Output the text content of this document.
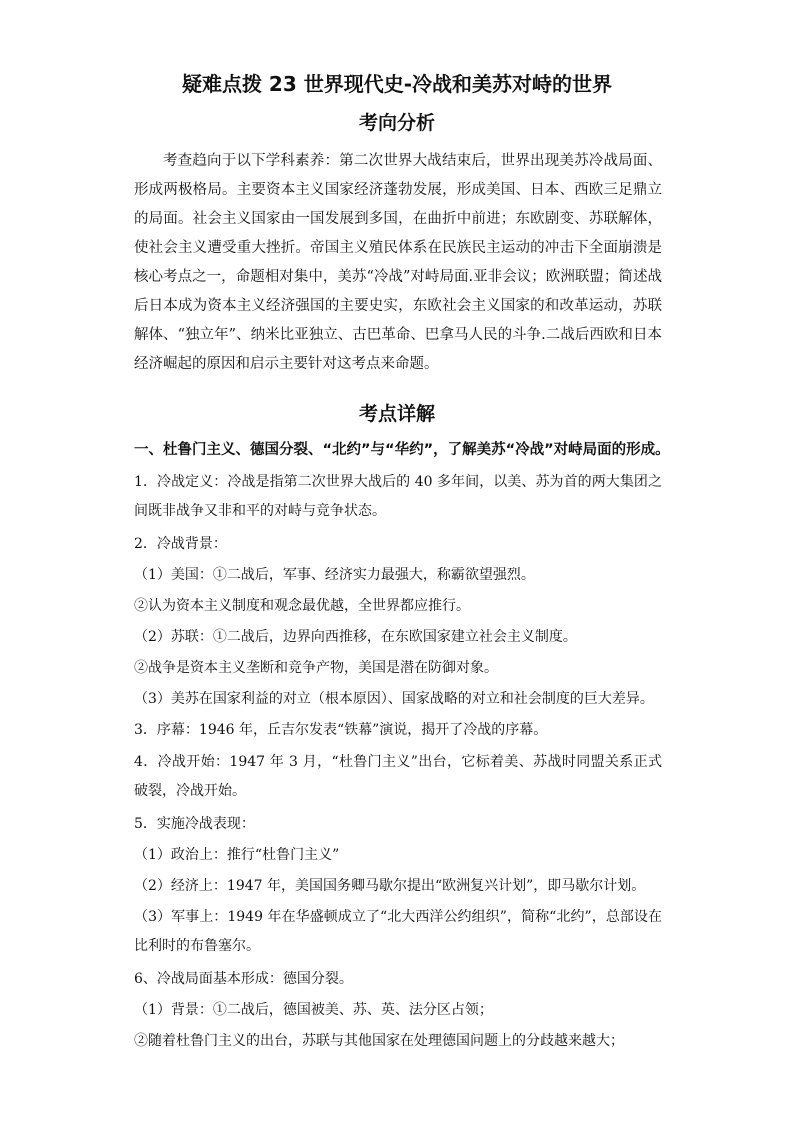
疑难点拨 23 世界现代史-冷战和美苏对峙的世界
考向分析
考查趋向于以下学科素养：第二次世界大战结束后，世界出现美苏冷战局面、形成两极格局。主要资本主义国家经济蓬勃发展，形成美国、日本、西欧三足鼎立的局面。社会主义国家由一国发展到多国，在曲折中前进；东欧剧变、苏联解体，使社会主义遭受重大挫折。帝国主义殖民体系在民族民主运动的冲击下全面崩溃是核心考点之一，命题相对集中，美苏“冷战”对峙局面.亚非会议；欧洲联盟；简述战后日本成为资本主义经济强国的主要史实，东欧社会主义国家的和改革运动，苏联解体、“独立年”、纳米比亚独立、古巴革命、巴拿马人民的斗争.二战后西欧和日本经济崛起的原因和启示主要针对这考点来命题。
考点详解
一、杜鲁门主义、德国分裂、“北约”与“华约”，了解美苏“冷战”对峙局面的形成。
1．冷战定义：冷战是指第二次世界大战后的 40 多年间，以美、苏为首的两大集团之间既非战争又非和平的对峙与竞争状态。
2．冷战背景：
（1）美国：①二战后，军事、经济实力最强大，称霸欲望强烈。
②认为资本主义制度和观念最优越，全世界都应推行。
（2）苏联：①二战后，边界向西推移，在东欧国家建立社会主义制度。
②战争是资本主义垄断和竞争产物，美国是潜在防御对象。
（3）美苏在国家利益的对立（根本原因）、国家战略的对立和社会制度的巨大差异。
3．序幕：1946 年，丘吉尔发表“铁幕”演说，揭开了冷战的序幕。
4．冷战开始：1947 年 3 月，“杜鲁门主义”出台，它标着美、苏战时同盟关系正式破裂，冷战开始。
5．实施冷战表现：
（1）政治上：推行“杜鲁门主义”
（2）经济上：1947 年，美国国务卿马歇尔提出“欧洲复兴计划”，即马歇尔计划。
（3）军事上：1949 年在华盛顿成立了“北大西洋公约组织”，简称“北约”，总部设在比利时的布鲁塞尔。
6、冷战局面基本形成：德国分裂。
（1）背景：①二战后，德国被美、苏、英、法分区占领；
②随着杜鲁门主义的出台，苏联与其他国家在处理德国问题上的分歧越来越大；
